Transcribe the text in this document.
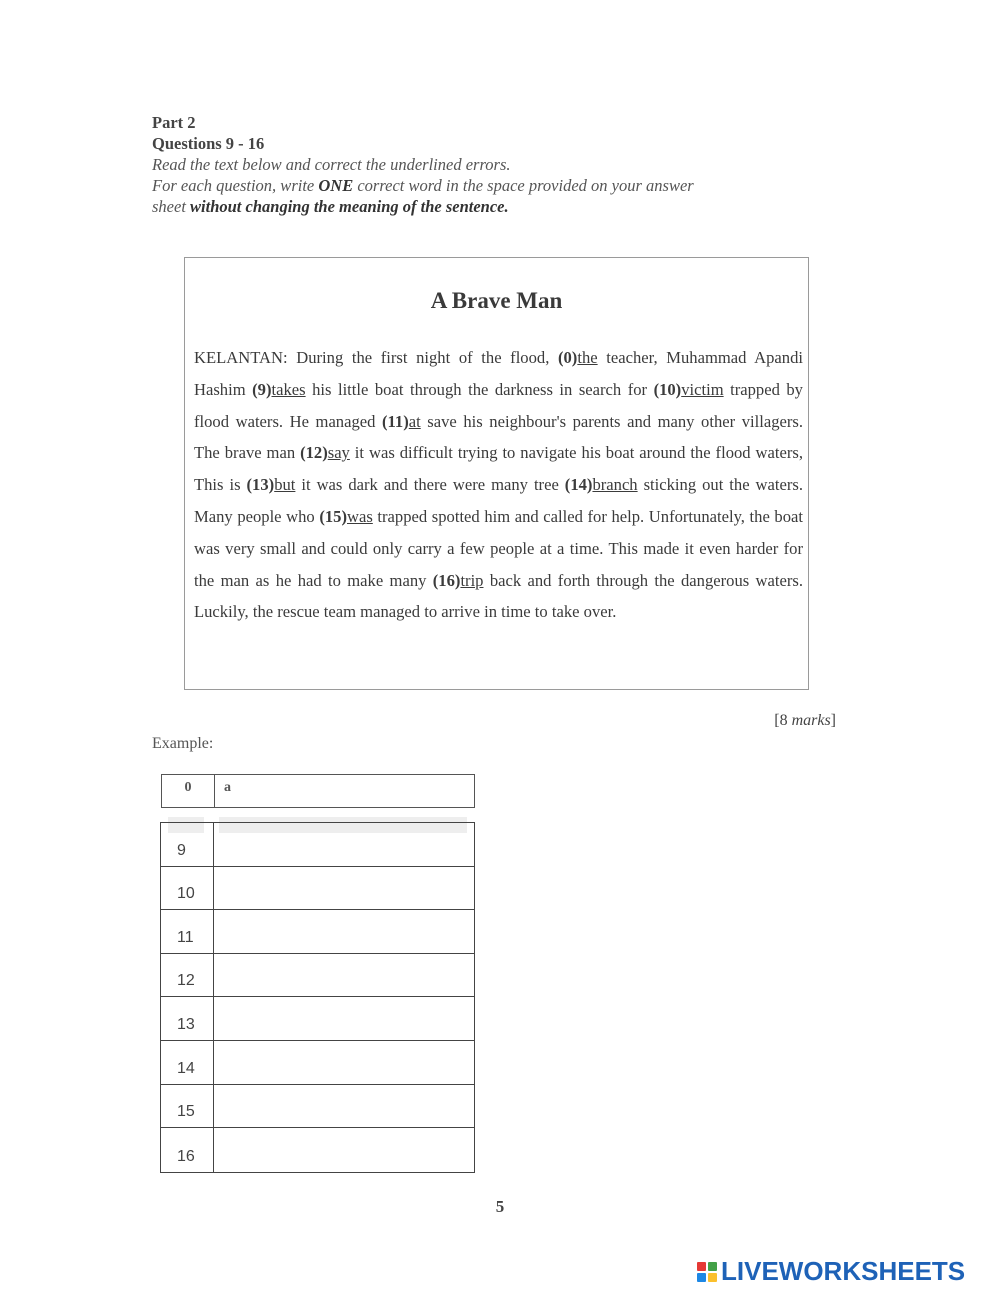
Part 2
Questions 9 - 16
Read the text below and correct the underlined errors.
For each question, write ONE correct word in the space provided on your answer
sheet without changing the meaning of the sentence.
A Brave Man
KELANTAN: During the first night of the flood, (0)the teacher, Muhammad Apandi Hashim (9)takes his little boat through the darkness in search for (10)victim trapped by flood waters. He managed (11)at save his neighbour's parents and many other villagers. The brave man (12)say it was difficult trying to navigate his boat around the flood waters, This is (13)but it was dark and there were many tree (14)branch sticking out the waters. Many people who (15)was trapped spotted him and called for help. Unfortunately, the boat was very small and could only carry a few people at a time. This made it even harder for the man as he had to make many (16)trip back and forth through the dangerous waters. Luckily, the rescue team managed to arrive in time to take over.
[8 marks]
Example:
0	a
9
10
11
12
13
14
15
16
5
LIVEWORKSHEETS
